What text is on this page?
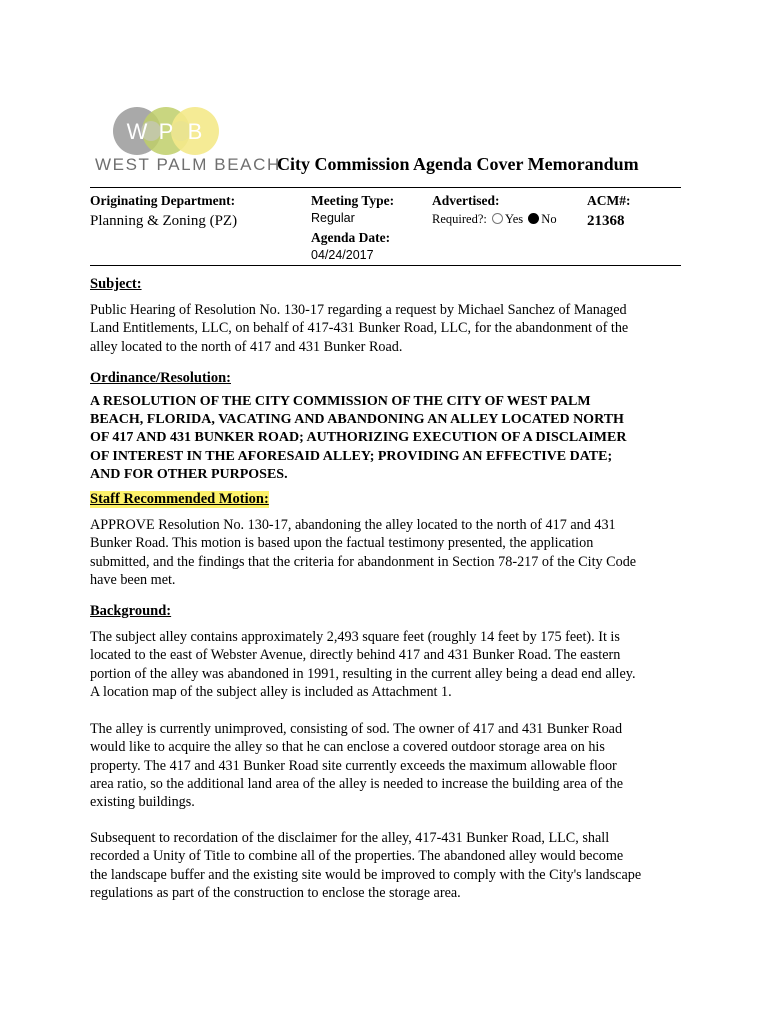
W P B
WEST PALM BEACH
City Commission Agenda Cover Memorandum
Originating Department:
Planning & Zoning (PZ)
Meeting Type:
Regular
Agenda Date:
04/24/2017
Advertised:
Required?: Yes No
ACM#:
21368
Subject:
Public Hearing of Resolution No. 130-17 regarding a request by Michael Sanchez of Managed
Land Entitlements, LLC, on behalf of 417-431 Bunker Road, LLC, for the abandonment of the
alley located to the north of 417 and 431 Bunker Road.
Ordinance/Resolution:
A RESOLUTION OF THE CITY COMMISSION OF THE CITY OF WEST PALM
BEACH, FLORIDA, VACATING AND ABANDONING AN ALLEY LOCATED NORTH
OF 417 AND 431 BUNKER ROAD; AUTHORIZING EXECUTION OF A DISCLAIMER
OF INTEREST IN THE AFORESAID ALLEY; PROVIDING AN EFFECTIVE DATE;
AND FOR OTHER PURPOSES.
Staff Recommended Motion:
APPROVE Resolution No. 130-17, abandoning the alley located to the north of 417 and 431
Bunker Road. This motion is based upon the factual testimony presented, the application
submitted, and the findings that the criteria for abandonment in Section 78-217 of the City Code
have been met.
Background:
The subject alley contains approximately 2,493 square feet (roughly 14 feet by 175 feet). It is
located to the east of Webster Avenue, directly behind 417 and 431 Bunker Road. The eastern
portion of the alley was abandoned in 1991, resulting in the current alley being a dead end alley.
A location map of the subject alley is included as Attachment 1.
The alley is currently unimproved, consisting of sod. The owner of 417 and 431 Bunker Road
would like to acquire the alley so that he can enclose a covered outdoor storage area on his
property. The 417 and 431 Bunker Road site currently exceeds the maximum allowable floor
area ratio, so the additional land area of the alley is needed to increase the building area of the
existing buildings.
Subsequent to recordation of the disclaimer for the alley, 417-431 Bunker Road, LLC, shall
recorded a Unity of Title to combine all of the properties. The abandoned alley would become
the landscape buffer and the existing site would be improved to comply with the City's landscape
regulations as part of the construction to enclose the storage area.
